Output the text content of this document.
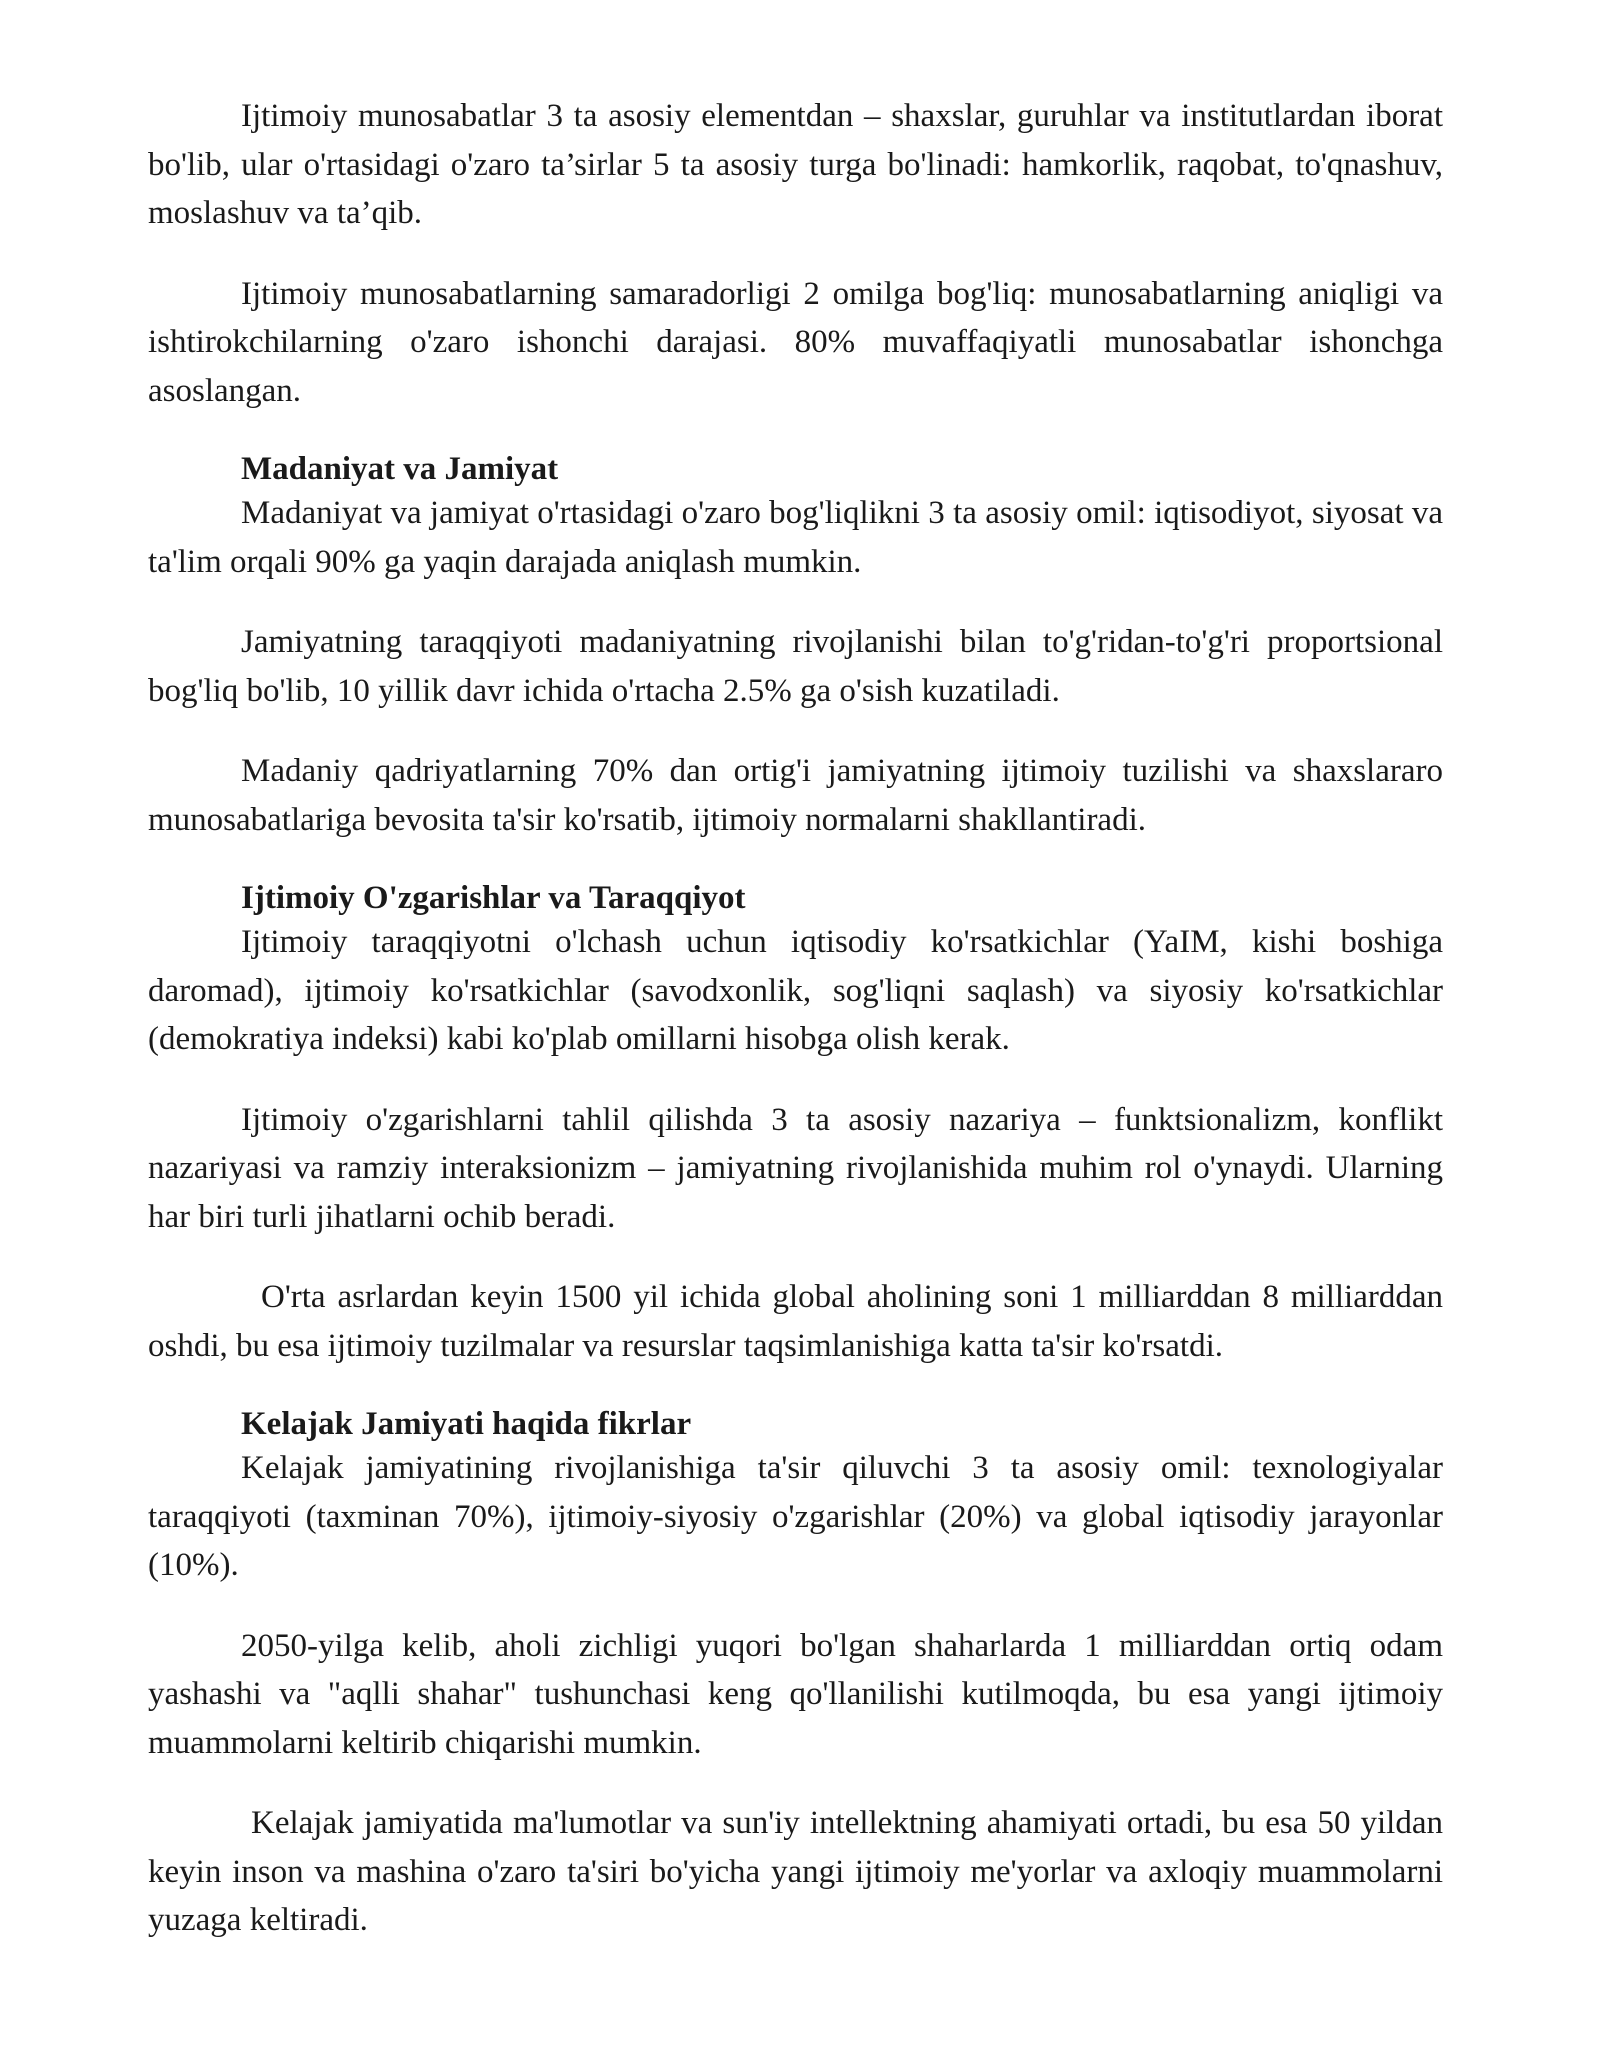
Ijtimoiy munosabatlar 3 ta asosiy elementdan – shaxslar, guruhlar va institutlardan iborat bo'lib, ular o'rtasidagi o'zaro ta’sirlar 5 ta asosiy turga bo'linadi: hamkorlik, raqobat, to'qnashuv, moslashuv va ta’qib.

Ijtimoiy munosabatlarning samaradorligi 2 omilga bog'liq: munosabatlarning aniqligi va ishtirokchilarning o'zaro ishonchi darajasi. 80% muvaffaqiyatli munosabatlar ishonchga asoslangan.

Madaniyat va Jamiyat

Madaniyat va jamiyat o'rtasidagi o'zaro bog'liqlikni 3 ta asosiy omil: iqtisodiyot, siyosat va ta'lim orqali 90% ga yaqin darajada aniqlash mumkin.

Jamiyatning taraqqiyoti madaniyatning rivojlanishi bilan to'g'ridan-to'g'ri proportsional bog'liq bo'lib, 10 yillik davr ichida o'rtacha 2.5% ga o'sish kuzatiladi.

Madaniy qadriyatlarning 70% dan ortig'i jamiyatning ijtimoiy tuzilishi va shaxslararo munosabatlariga bevosita ta'sir ko'rsatib, ijtimoiy normalarni shakllantiradi.

Ijtimoiy O'zgarishlar va Taraqqiyot

Ijtimoiy taraqqiyotni o'lchash uchun iqtisodiy ko'rsatkichlar (YaIM, kishi boshiga daromad), ijtimoiy ko'rsatkichlar (savodxonlik, sog'liqni saqlash) va siyosiy ko'rsatkichlar (demokratiya indeksi) kabi ko'plab omillarni hisobga olish kerak.

Ijtimoiy o'zgarishlarni tahlil qilishda 3 ta asosiy nazariya – funktsionalizm, konflikt nazariyasi va ramziy interaksionizm – jamiyatning rivojlanishida muhim rol o'ynaydi. Ularning har biri turli jihatlarni ochib beradi.

O'rta asrlardan keyin 1500 yil ichida global aholining soni 1 milliarddan 8 milliarddan oshdi, bu esa ijtimoiy tuzilmalar va resurslar taqsimlanishiga katta ta'sir ko'rsatdi.

Kelajak Jamiyati haqida fikrlar

Kelajak jamiyatining rivojlanishiga ta'sir qiluvchi 3 ta asosiy omil: texnologiyalar taraqqiyoti (taxminan 70%), ijtimoiy-siyosiy o'zgarishlar (20%) va global iqtisodiy jarayonlar (10%).

2050-yilga kelib, aholi zichligi yuqori bo'lgan shaharlarda 1 milliarddan ortiq odam yashashi va "aqlli shahar" tushunchasi keng qo'llanilishi kutilmoqda, bu esa yangi ijtimoiy muammolarni keltirib chiqarishi mumkin.

Kelajak jamiyatida ma'lumotlar va sun'iy intellektning ahamiyati ortadi, bu esa 50 yildan keyin inson va mashina o'zaro ta'siri bo'yicha yangi ijtimoiy me'yorlar va axloqiy muammolarni yuzaga keltiradi.
